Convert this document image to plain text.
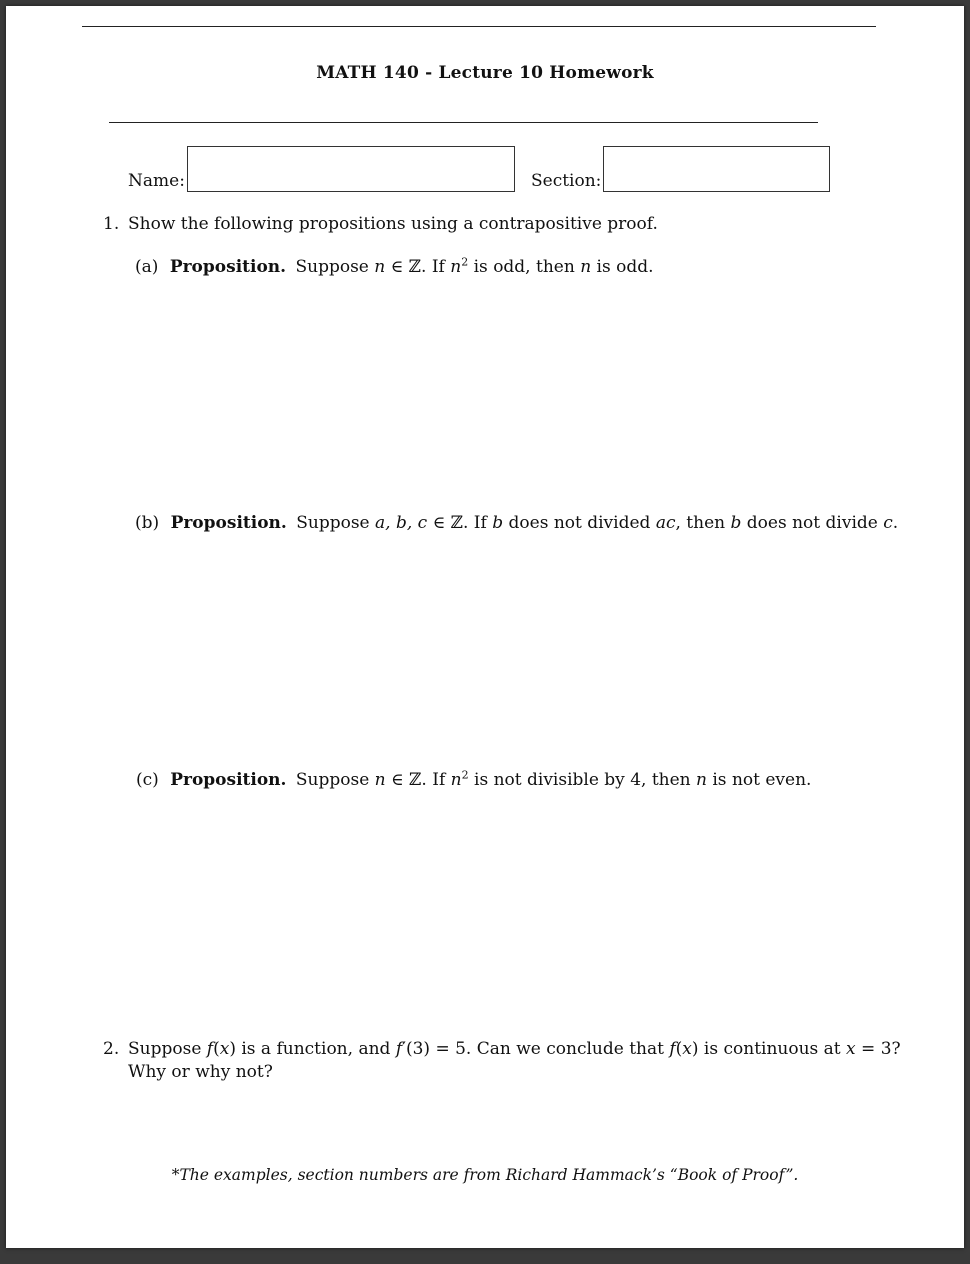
MATH 140 - Lecture 10 Homework
Name:	Section:
1. Show the following propositions using a contrapositive proof.
(a) Proposition. Suppose n ∈ ℤ. If $n^2$ is odd, then n is odd.
(b) Proposition. Suppose a, b, c ∈ ℤ. If b does not divided ac, then b does not divide c.
(c) Proposition. Suppose n ∈ ℤ. If $n^2$ is not divisible by 4, then n is not even.
2. Suppose f(x) is a function, and f′(3) = 5. Can we conclude that f(x) is continuous at x = 3?
Why or why not?
*The examples, section numbers are from Richard Hammack’s “Book of Proof”.
